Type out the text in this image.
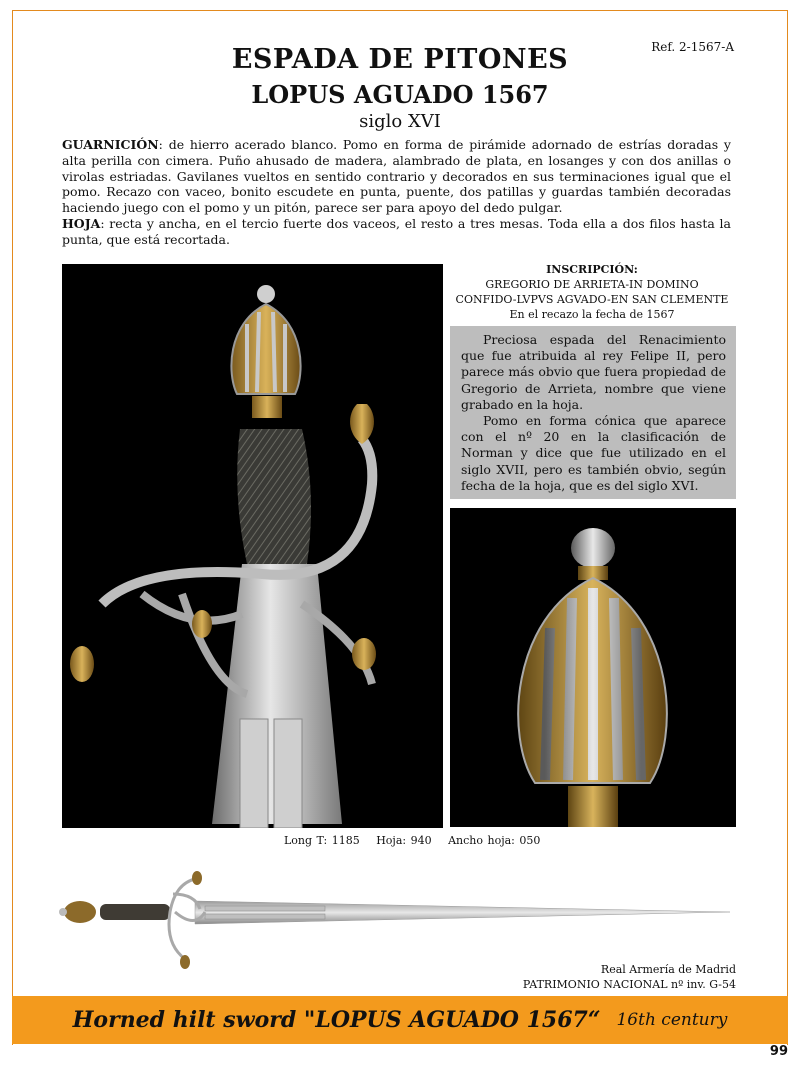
Ref. 2-1567-A
ESPADA DE PITONES
LOPUS AGUADO 1567
siglo XVI
GUARNICIÓN: de hierro acerado blanco. Pomo en forma de pirámide adornado de estrías doradas y alta perilla con cimera. Puño ahusado de madera, alambrado de plata, en losanges y con dos anillas o virolas estriadas. Gavilanes vueltos en sentido contrario y decorados en sus terminaciones igual que el pomo. Recazo con vaceo, bonito escudete en punta, puente, dos patillas y guardas también decoradas haciendo juego con el pomo y un pitón, parece ser para apoyo del dedo pulgar.
HOJA: recta y ancha, en el tercio fuerte dos vaceos, el resto a tres mesas. Toda ella a dos filos hasta la punta, que está recortada.
INSCRIPCIÓN:
GREGORIO DE ARRIETA-IN DOMINO
CONFIDO-LVPVS AGVADO-EN SAN CLEMENTE
En el recazo la fecha de 1567

Preciosa espada del Renacimiento que fue atribuida al rey Felipe II, pero parece más obvio que fuera propiedad de Gregorio de Arrieta, nombre que viene grabado en la hoja.

Pomo en forma cónica que aparece con el nº 20 en la clasificación de Norman y dice que fue utilizado en el siglo XVII, pero es también obvio, según fecha de la hoja, que es del siglo XVI.

Long T: 1185 Hoja: 940 Ancho hoja: 050
Real Armería de Madrid
PATRIMONIO NACIONAL nº inv. G-54
Horned hilt sword "LOPUS AGUADO 1567“ 16th century
99
